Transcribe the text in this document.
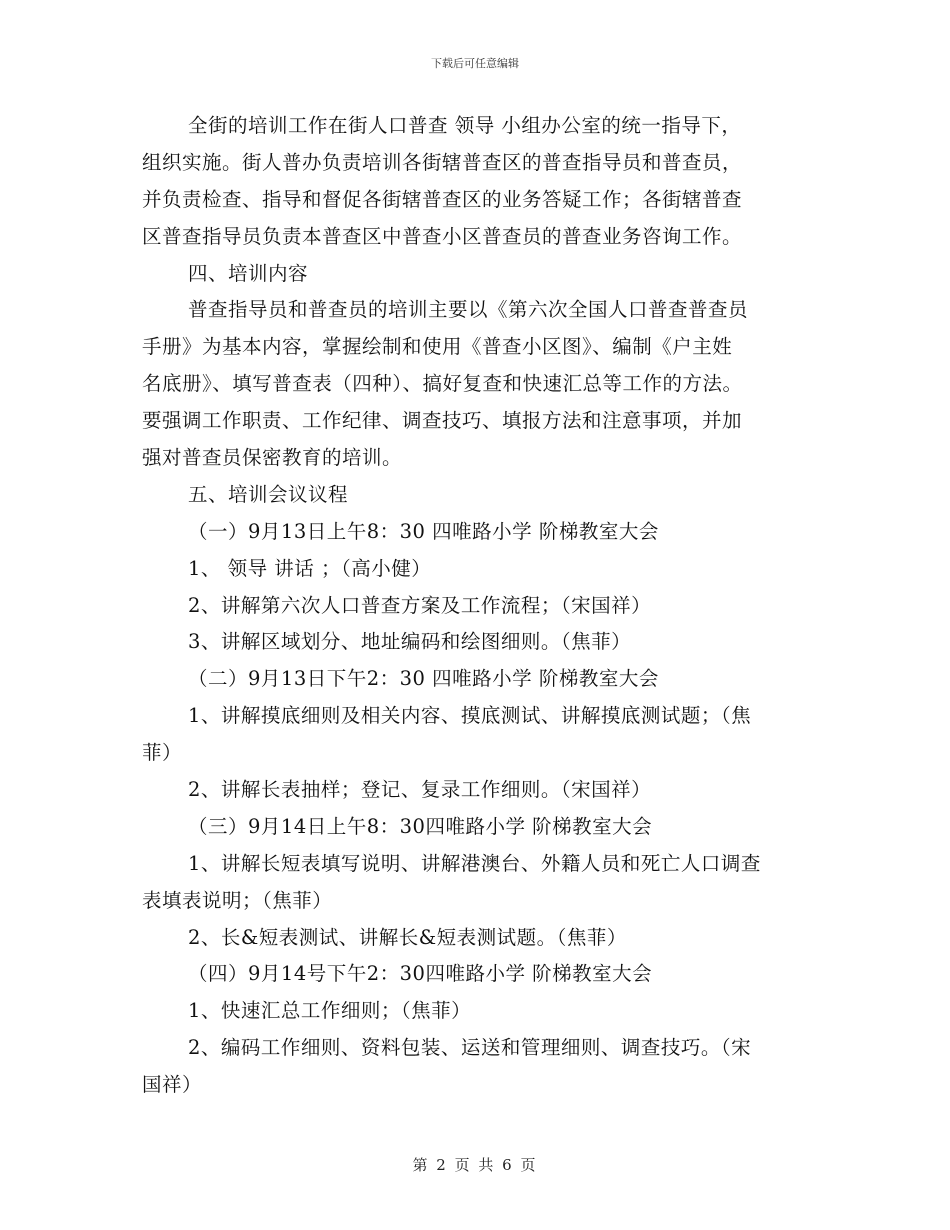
下载后可任意编辑
全街的培训工作在街人口普查 领导 小组办公室的统一指导下，
组织实施。街人普办负责培训各街辖普查区的普查指导员和普查员，
并负责检查、指导和督促各街辖普查区的业务答疑工作；各街辖普查
区普查指导员负责本普查区中普查小区普查员的普查业务咨询工作。
四、培训内容
普查指导员和普查员的培训主要以《第六次全国人口普查普查员
手册》为基本内容，掌握绘制和使用《普查小区图》、编制《户主姓
名底册》、填写普查表（四种）、搞好复查和快速汇总等工作的方法。
要强调工作职责、工作纪律、调查技巧、填报方法和注意事项，并加
强对普查员保密教育的培训。
五、培训会议议程
（一）9月13日上午8：30 四唯路小学 阶梯教室大会
1、 领导 讲话 ；（高小健）
2、讲解第六次人口普查方案及工作流程；（宋国祥）
3、讲解区域划分、地址编码和绘图细则。（焦菲）
（二）9月13日下午2：30 四唯路小学 阶梯教室大会
1、讲解摸底细则及相关内容、摸底测试、讲解摸底测试题；（焦
菲）
2、讲解长表抽样；登记、复录工作细则。（宋国祥）
（三）9月14日上午8：30四唯路小学 阶梯教室大会
1、讲解长短表填写说明、讲解港澳台、外籍人员和死亡人口调查
表填表说明；（焦菲）
2、长&短表测试、讲解长&短表测试题。（焦菲）
（四）9月14号下午2：30四唯路小学 阶梯教室大会
1、快速汇总工作细则；（焦菲）
2、编码工作细则、资料包装、运送和管理细则、调查技巧。（宋
国祥）
第 2 页 共 6 页
